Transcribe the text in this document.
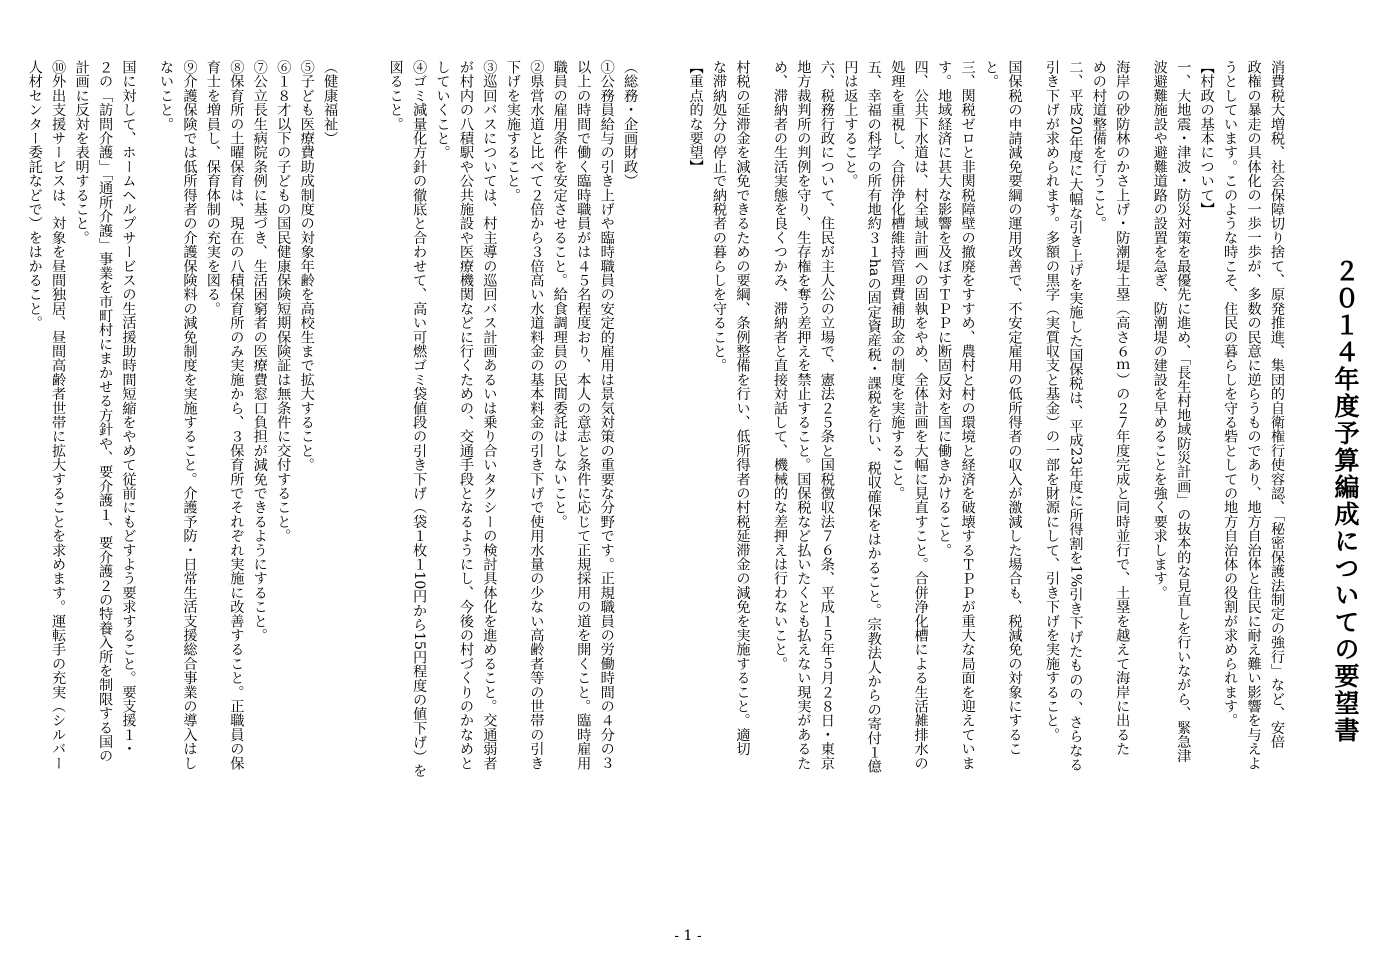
２０１４年度予算編成についての要望書
消費税大増税、社会保障切り捨て、原発推進、集団的自衛権行使容認、「秘密保護法制定の強行」など、安倍
政権の暴走の具体化の一歩一歩が、多数の民意に逆らうものであり、地方自治体と住民に耐え難い影響を与えよ
うとしています。このような時こそ、住民の暮らしを守る砦としての地方自治体の役割が求められます。
【村政の基本について】
一、大地震・津波・防災対策を最優先に進め、「長生村地域防災計画」の抜本的な見直しを行いながら、緊急津
波避難施設や避難道路の設置を急ぎ、防潮堤の建設を早めることを強く要求します。
海岸の砂防林のかさ上げ・防潮堤土塁（高さ６ｍ）の２７年度完成と同時並行で、土塁を越えて海岸に出るた
めの村道整備を行うこと。
二、平成20年度に大幅な引き上げを実施した国保税は、平成23年度に所得割を1%引き下げたものの、さらなる
引き下げが求められます。多額の黒字（実質収支と基金）の一部を財源にして、引き下げを実施すること。
国保税の申請減免要綱の運用改善で、不安定雇用の低所得者の収入が激減した場合も、税減免の対象にするこ
と。
三、関税ゼロと非関税障壁の撤廃をすすめ、農村と村の環境と経済を破壊するＴＰＰが重大な局面を迎えていま
す。地域経済に甚大な影響を及ぼすＴＰＰに断固反対を国に働きかけること。
四、公共下水道は、村全域計画への固執をやめ、全体計画を大幅に見直すこと。合併浄化槽による生活雑排水の
処理を重視し、合併浄化槽維持管理費補助金の制度を実施すること。
五、幸福の科学の所有地約３１haの固定資産税・課税を行い、税収確保をはかること。宗教法人からの寄付１億
円は返上すること。
六、税務行政について、住民が主人公の立場で、憲法２５条と国税徴収法７６条、平成１５年５月２８日・東京
地方裁判所の判例を守り、生存権を奪う差押えを禁止すること。国保税など払いたくとも払えない現実があるた
め、滞納者の生活実態を良くつかみ、滞納者と直接対話して、機械的な差押えは行わないこと。
村税の延滞金を減免できるための要綱、条例整備を行い、低所得者の村税延滞金の減免を実施すること。適切
な滞納処分の停止で納税者の暮らしを守ること。
【重点的な要望】
（総務・企画財政）
①公務員給与の引き上げや臨時職員の安定的雇用は景気対策の重要な分野です。正規職員の労働時間の４分の３
以上の時間で働く臨時職員がは４５名程度おり、本人の意志と条件に応じて正規採用の道を開くこと。臨時雇用
職員の雇用条件を安定させること。給食調理員の民間委託はしないこと。
②県営水道と比べて２倍から３倍高い水道料金の基本料金の引き下げで使用水量の少ない高齢者等の世帯の引き
下げを実施すること。
③巡回バスについては、村主導の巡回バス計画あるいは乗り合いタクシーの検討具体化を進めること。交通弱者
が村内の八積駅や公共施設や医療機関などに行くための、交通手段となるようにし、今後の村づくりのかなめと
していくこと。
④ゴミ減量化方針の徹底と合わせて、高い可燃ゴミ袋値段の引き下げ（袋１枚１10円から15円程度の値下げ）を
図ること。
（健康福祉）
⑤子ども医療費助成制度の対象年齢を高校生まで拡大すること。
⑥１８才以下の子どもの国民健康保険短期保険証は無条件に交付すること。
⑦公立長生病院条例に基づき、生活困窮者の医療費窓口負担が減免できるようにすること。
⑧保育所の土曜保育は、現在の八積保育所のみ実施から、３保育所でそれぞれ実施に改善すること。正職員の保
育士を増員し、保育体制の充実を図る。
⑨介護保険では低所得者の介護保険料の減免制度を実施すること。介護予防・日常生活支援総合事業の導入はし
ないこと。
国に対して、ホームヘルプサービスの生活援助時間短縮をやめて従前にもどすよう要求すること。要支援１・
２の「訪問介護」「通所介護」事業を市町村にまかせる方針や、要介護１、要介護２の特養入所を制限する国の
計画に反対を表明すること。
⑩外出支援サービスは、対象を昼間独居、昼間高齢者世帯に拡大することを求めます。運転手の充実（シルバー
人材センター委託などで）をはかること。
- 1 -
